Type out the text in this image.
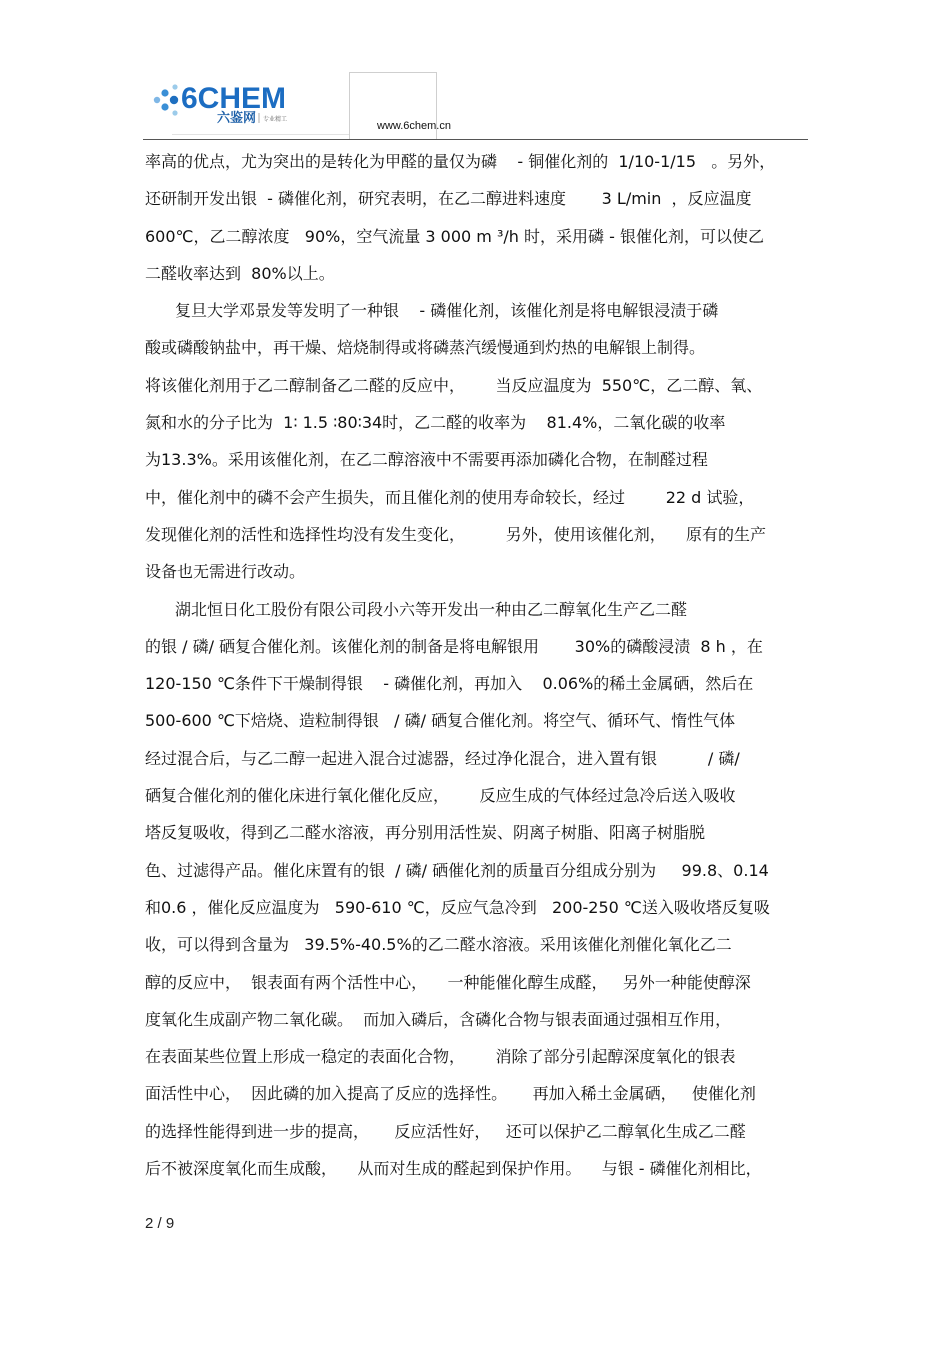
6CHEM
六鉴网 专业精工
www.6chem.cn
率高的优点，尤为突出的是转化为甲醛的量仅为磷    - 铜催化剂的  1/10-1/15   。另外，
还研制开发出银  - 磷催化剂，研究表明，在乙二醇进料速度       3 L/min  ，反应温度
600℃，乙二醇浓度   90%，空气流量 3 000 m ³/h 时，采用磷 - 银催化剂，可以使乙
二醛收率达到  80%以上。
复旦大学邓景发等发明了一种银    - 磷催化剂，该催化剂是将电解银浸渍于磷
酸或磷酸钠盐中，再干燥、焙烧制得或将磷蒸汽缓慢通到灼热的电解银上制得。
将该催化剂用于乙二醇制备乙二醛的反应中，      当反应温度为  550℃，乙二醇、氧、
氮和水的分子比为  1∶ 1.5 ∶80∶34时，乙二醛的收率为    81.4%，二氧化碳的收率
为13.3%。采用该催化剂，在乙二醇溶液中不需要再添加磷化合物，在制醛过程
中，催化剂中的磷不会产生损失，而且催化剂的使用寿命较长，经过        22 d 试验，
发现催化剂的活性和选择性均没有发生变化，        另外，使用该催化剂，    原有的生产
设备也无需进行改动。
湖北恒日化工股份有限公司段小六等开发出一种由乙二醇氧化生产乙二醛
的银 / 磷/ 硒复合催化剂。该催化剂的制备是将电解银用       30%的磷酸浸渍  8 h ，在
120-150 ℃条件下干燥制得银    - 磷催化剂，再加入    0.06%的稀土金属硒，然后在
500-600 ℃下焙烧、造粒制得银   / 磷/ 硒复合催化剂。将空气、循环气、惰性气体
经过混合后，与乙二醇一起进入混合过滤器，经过净化混合，进入置有银          / 磷/
硒复合催化剂的催化床进行氧化催化反应，      反应生成的气体经过急冷后送入吸收
塔反复吸收，得到乙二醛水溶液，再分别用活性炭、阴离子树脂、阳离子树脂脱
色、过滤得产品。催化床置有的银  / 磷/ 硒催化剂的质量百分组成分别为     99.8、0.14
和0.6 ，催化反应温度为   590-610 ℃，反应气急冷到   200-250 ℃送入吸收塔反复吸
收，可以得到含量为   39.5%-40.5%的乙二醛水溶液。采用该催化剂催化氧化乙二
醇的反应中，  银表面有两个活性中心，    一种能催化醇生成醛，   另外一种能使醇深
度氧化生成副产物二氧化碳。  而加入磷后，含磷化合物与银表面通过强相互作用，
在表面某些位置上形成一稳定的表面化合物，      消除了部分引起醇深度氧化的银表
面活性中心，  因此磷的加入提高了反应的选择性。     再加入稀土金属硒，   使催化剂
的选择性能得到进一步的提高，     反应活性好，   还可以保护乙二醇氧化生成乙二醛
后不被深度氧化而生成酸，    从而对生成的醛起到保护作用。    与银 - 磷催化剂相比，
2 / 9
